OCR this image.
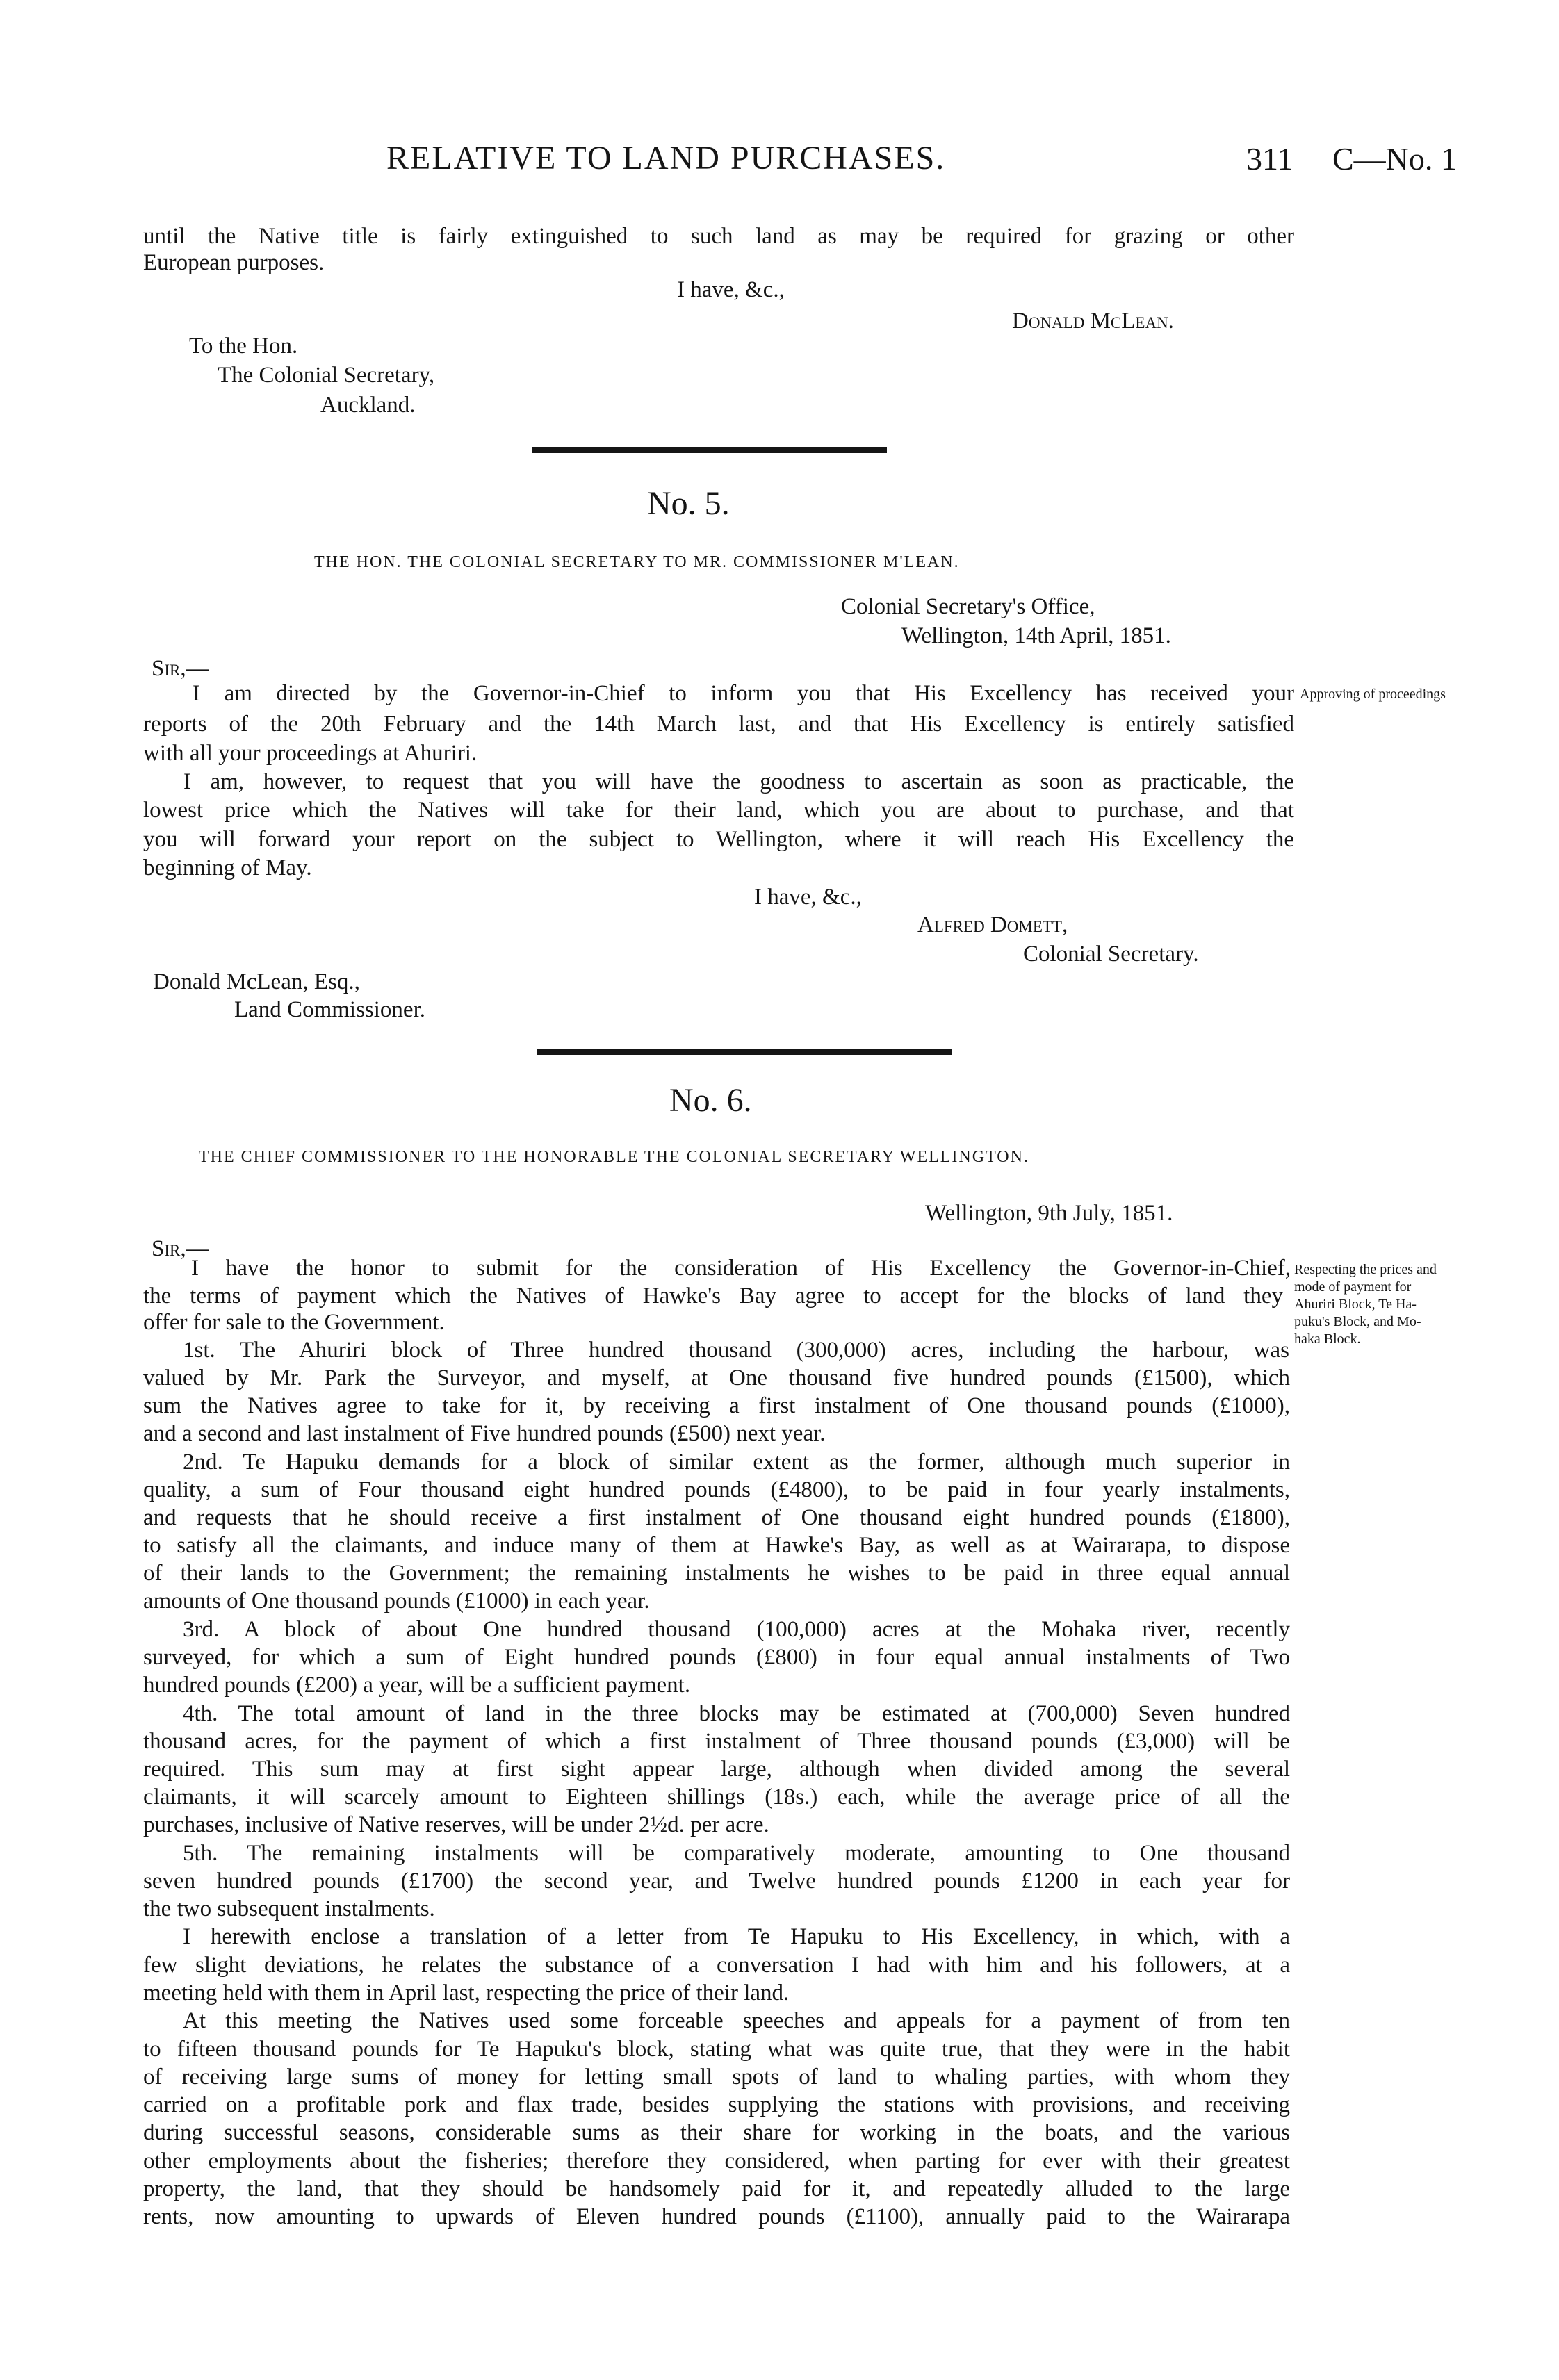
RELATIVE TO LAND PURCHASES.	311 C—No. 1
until the Native title is fairly extinguished to such land as may be required for grazing or other
European purposes.
I have, &c.,
Donald McLean.
To the Hon.
The Colonial Secretary,
Auckland.
No. 5.
THE HON. THE COLONIAL SECRETARY TO MR. COMMISSIONER M'LEAN.
Colonial Secretary's Office,
Wellington, 14th April, 1851.
Sir,—
I am directed by the Governor-in-Chief to inform you that His Excellency has received your Approving of proceedings
reports of the 20th February and the 14th March last, and that His Excellency is entirely satisfied
with all your proceedings at Ahuriri.
I am, however, to request that you will have the goodness to ascertain as soon as practicable, the
lowest price which the Natives will take for their land, which you are about to purchase, and that
you will forward your report on the subject to Wellington, where it will reach His Excellency the
beginning of May.
I have, &c.,
Alfred Domett,
Colonial Secretary.
Donald McLean, Esq.,
Land Commissioner.
No. 6.
THE CHIEF COMMISSIONER TO THE HONORABLE THE COLONIAL SECRETARY WELLINGTON.
Wellington, 9th July, 1851.
Sir,—
Respecting the prices and
mode of payment for
Ahuriri Block, Te Ha-
puku's Block, and Mo-
haka Block.
I have the honor to submit for the consideration of His Excellency the Governor-in-Chief,
the terms of payment which the Natives of Hawke's Bay agree to accept for the blocks of land they
offer for sale to the Government.
1st. The Ahuriri block of Three hundred thousand (300,000) acres, including the harbour, was
valued by Mr. Park the Surveyor, and myself, at One thousand five hundred pounds (£1500), which
sum the Natives agree to take for it, by receiving a first instalment of One thousand pounds (£1000),
and a second and last instalment of Five hundred pounds (£500) next year.
2nd. Te Hapuku demands for a block of similar extent as the former, although much superior in
quality, a sum of Four thousand eight hundred pounds (£4800), to be paid in four yearly instalments,
and requests that he should receive a first instalment of One thousand eight hundred pounds (£1800),
to satisfy all the claimants, and induce many of them at Hawke's Bay, as well as at Wairarapa, to dispose
of their lands to the Government; the remaining instalments he wishes to be paid in three equal annual
amounts of One thousand pounds (£1000) in each year.
3rd. A block of about One hundred thousand (100,000) acres at the Mohaka river, recently
surveyed, for which a sum of Eight hundred pounds (£800) in four equal annual instalments of Two
hundred pounds (£200) a year, will be a sufficient payment.
4th. The total amount of land in the three blocks may be estimated at (700,000) Seven hundred
thousand acres, for the payment of which a first instalment of Three thousand pounds (£3,000) will be
required. This sum may at first sight appear large, although when divided among the several
claimants, it will scarcely amount to Eighteen shillings (18s.) each, while the average price of all the
purchases, inclusive of Native reserves, will be under 2½d. per acre.
5th. The remaining instalments will be comparatively moderate, amounting to One thousand
seven hundred pounds (£1700) the second year, and Twelve hundred pounds £1200 in each year for
the two subsequent instalments.
I herewith enclose a translation of a letter from Te Hapuku to His Excellency, in which, with a
few slight deviations, he relates the substance of a conversation I had with him and his followers, at a
meeting held with them in April last, respecting the price of their land.
At this meeting the Natives used some forceable speeches and appeals for a payment of from ten
to fifteen thousand pounds for Te Hapuku's block, stating what was quite true, that they were in the habit
of receiving large sums of money for letting small spots of land to whaling parties, with whom they
carried on a profitable pork and flax trade, besides supplying the stations with provisions, and receiving
during successful seasons, considerable sums as their share for working in the boats, and the various
other employments about the fisheries; therefore they considered, when parting for ever with their greatest
property, the land, that they should be handsomely paid for it, and repeatedly alluded to the large
rents, now amounting to upwards of Eleven hundred pounds (£1100), annually paid to the Wairarapa
